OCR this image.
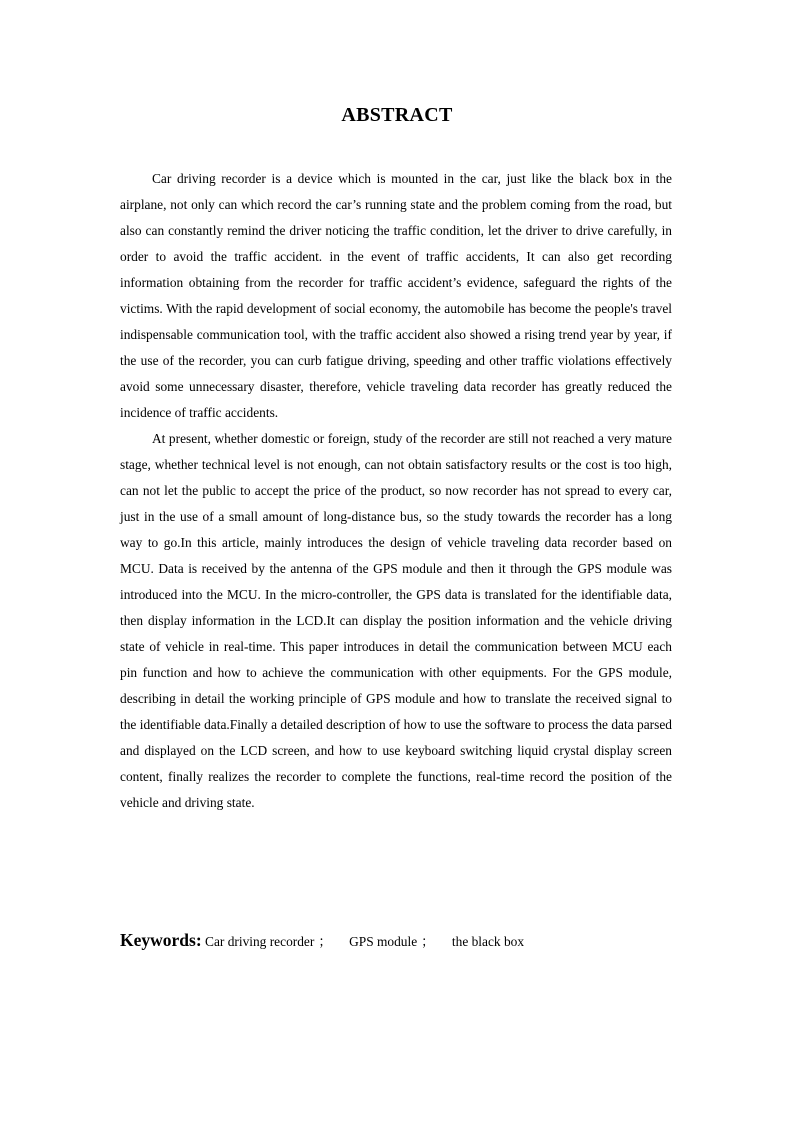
ABSTRACT

Car driving recorder is a device which is mounted in the car, just like the black box in the airplane, not only can which record the car’s running state and the problem coming from the road, but also can constantly remind the driver noticing the traffic condition, let the driver to drive carefully, in order to avoid the traffic accident. in the event of traffic accidents, It can also get recording information obtaining from the recorder for traffic accident’s evidence, safeguard the rights of the victims. With the rapid development of social economy, the automobile has become the people's travel indispensable communication tool, with the traffic accident also showed a rising trend year by year, if the use of the recorder, you can curb fatigue driving, speeding and other traffic violations effectively avoid some unnecessary disaster, therefore, vehicle traveling data recorder has greatly reduced the incidence of traffic accidents.

At present, whether domestic or foreign, study of the recorder are still not reached a very mature stage, whether technical level is not enough, can not obtain satisfactory results or the cost is too high, can not let the public to accept the price of the product, so now recorder has not spread to every car, just in the use of a small amount of long-distance bus, so the study towards the recorder has a long way to go.In this article, mainly introduces the design of vehicle traveling data recorder based on MCU. Data is received by the antenna of the GPS module and then it through the GPS module was introduced into the MCU. In the micro-controller, the GPS data is translated for the identifiable data, then display information in the LCD.It can display the position information and the vehicle driving state of vehicle in real-time. This paper introduces in detail the communication between MCU each pin function and how to achieve the communication with other equipments. For the GPS module, describing in detail the working principle of GPS module and how to translate the received signal to the identifiable data.Finally a detailed description of how to use the software to process the data parsed and displayed on the LCD screen, and how to use keyboard switching liquid crystal display screen content, finally realizes the recorder to complete the functions, real-time record the position of the vehicle and driving state.

Keywords: Car driving recorder ； GPS module ； the black box
